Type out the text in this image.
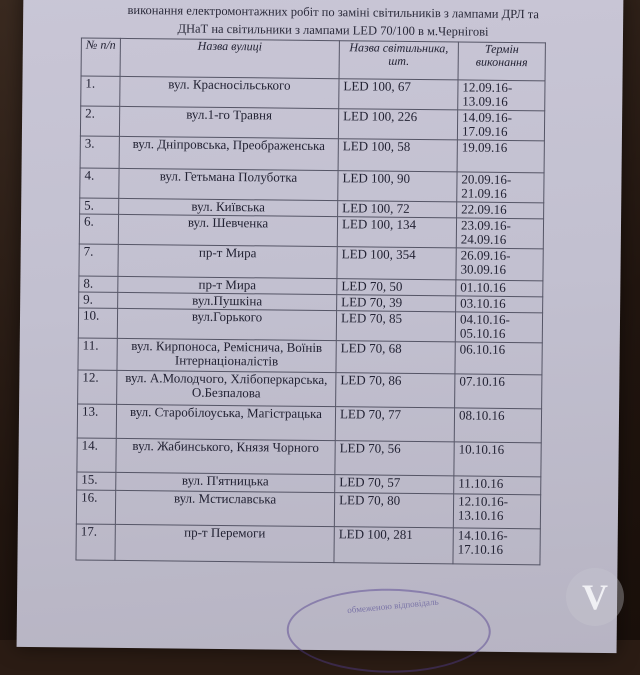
виконання електромонтажних робіт по заміні світильників з лампами ДРЛ та
ДНаТ на світильники з лампами LED 70/100 в м.Чернігові
№ п/п	Назва вулиці	Назва світильника, шт.	Термін виконання
1.	вул. Красносільського	LED 100, 67	12.09.16- 13.09.16
2.	вул.1-го Травня	LED 100, 226	14.09.16- 17.09.16
3.	вул. Дніпровська, Преображенська	LED 100, 58	19.09.16
4.	вул. Гетьмана Полуботка	LED 100, 90	20.09.16- 21.09.16
5.	вул. Київська	LED 100, 72	22.09.16
6.	вул. Шевченка	LED 100, 134	23.09.16- 24.09.16
7.	пр-т Мира	LED 100, 354	26.09.16- 30.09.16
8.	пр-т Мира	LED 70, 50	01.10.16
9.	вул.Пушкіна	LED 70, 39	03.10.16
10.	вул.Горького	LED 70, 85	04.10.16- 05.10.16
11.	вул. Кирпоноса, Ремісничa, Воїнів Інтернаціоналістів	LED 70, 68	06.10.16
12.	вул. А.Молодчого, Хлібоперкарська, О.Безпалова	LED 70, 86	07.10.16
13.	вул. Старобілоуська, Магістрацька	LED 70, 77	08.10.16
14.	вул. Жабинського, Князя Чорного	LED 70, 56	10.10.16
15.	вул. П'ятницька	LED 70, 57	11.10.16
16.	вул. Мстиславська	LED 70, 80	12.10.16- 13.10.16
17.	пр-т Перемоги	LED 100, 281	14.10.16- 17.10.16
обмеженою відповідаль	V
